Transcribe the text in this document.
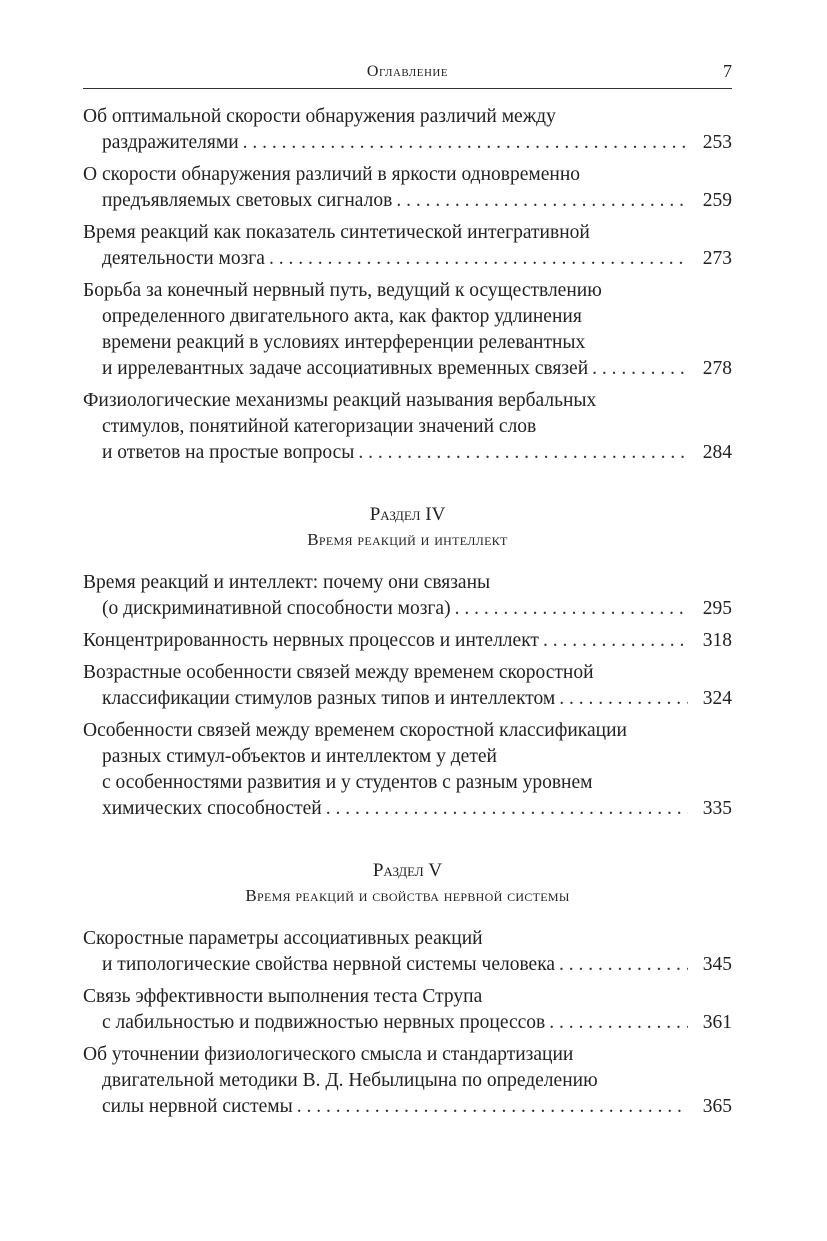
Оглавление	7
Об оптимальной скорости обнаружения различий между
раздражителями . . .	253
О скорости обнаружения различий в яркости одновременно
предъявляемых световых сигналов . . .	259
Время реакций как показатель синтетической интегративной
деятельности мозга . . .	273
Борьба за конечный нервный путь, ведущий к осуществлению
определенного двигательного акта, как фактор удлинения
времени реакций в условиях интерференции релевантных
и иррелевантных задаче ассоциативных временных связей . . .	278
Физиологические механизмы реакций называния вербальных
стимулов, понятийной категоризации значений слов
и ответов на простые вопросы . . .	284
Раздел IV
Время реакций и интеллект
Время реакций и интеллект: почему они связаны
(о дискриминативной способности мозга) . . .	295
Концентрированность нервных процессов и интеллект . . .	318
Возрастные особенности связей между временем скоростной
классификации стимулов разных типов и интеллектом . . .	324
Особенности связей между временем скоростной классификации
разных стимул-объектов и интеллектом у детей
с особенностями развития и у студентов с разным уровнем
химических способностей . . .	335
Раздел V
Время реакций и свойства нервной системы
Скоростные параметры ассоциативных реакций
и типологические свойства нервной системы человека . . .	345
Связь эффективности выполнения теста Струпа
с лабильностью и подвижностью нервных процессов . . .	361
Об уточнении физиологического смысла и стандартизации
двигательной методики В. Д. Небылицына по определению
силы нервной системы . . .	365
